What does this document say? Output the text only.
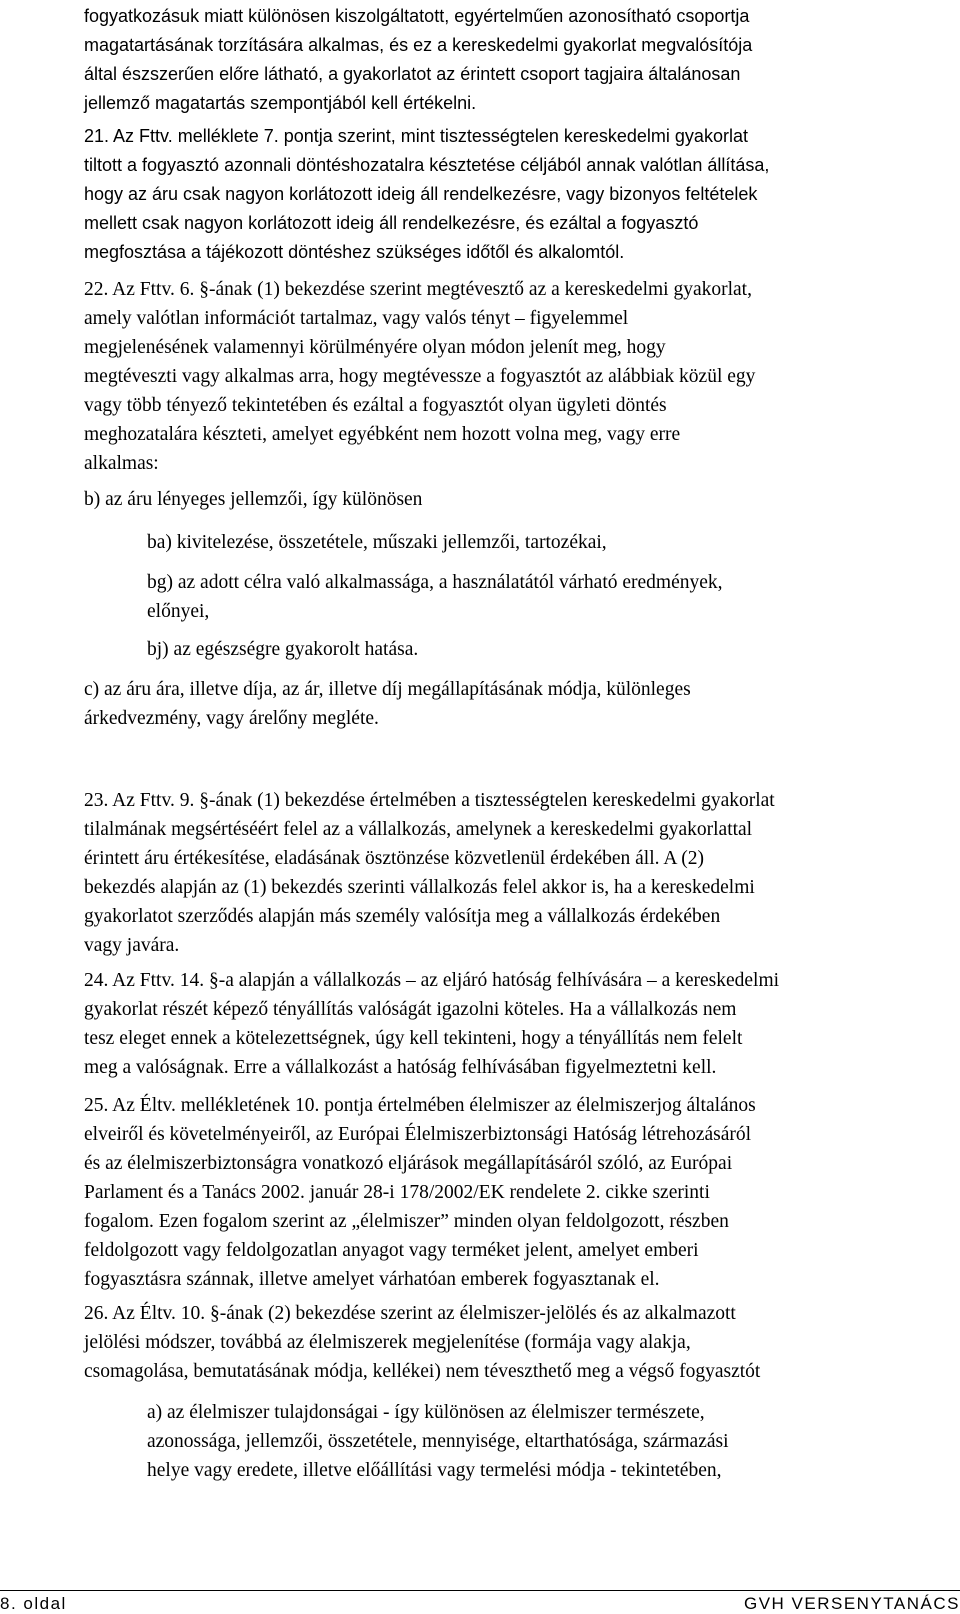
fogyatkozásuk miatt különösen kiszolgáltatott, egyértelműen azonosítható csoportja
magatartásának torzítására alkalmas, és ez a kereskedelmi gyakorlat megvalósítója
által észszerűen előre látható, a gyakorlatot az érintett csoport tagjaira általánosan
jellemző magatartás szempontjából kell értékelni.
21. Az Fttv. melléklete 7. pontja szerint, mint tisztességtelen kereskedelmi gyakorlat
tiltott a fogyasztó azonnali döntéshozatalra késztetése céljából annak valótlan állítása,
hogy az áru csak nagyon korlátozott ideig áll rendelkezésre, vagy bizonyos feltételek
mellett csak nagyon korlátozott ideig áll rendelkezésre, és ezáltal a fogyasztó
megfosztása a tájékozott döntéshez szükséges időtől és alkalomtól.
22. Az Fttv. 6. §-ának (1) bekezdése szerint megtévesztő az a kereskedelmi gyakorlat,
amely valótlan információt tartalmaz, vagy valós tényt – figyelemmel
megjelenésének valamennyi körülményére olyan módon jelenít meg, hogy
megtéveszti vagy alkalmas arra, hogy megtévessze a fogyasztót az alábbiak közül egy
vagy több tényező tekintetében és ezáltal a fogyasztót olyan ügyleti döntés
meghozatalára készteti, amelyet egyébként nem hozott volna meg, vagy erre
alkalmas:
b) az áru lényeges jellemzői, így különösen
ba) kivitelezése, összetétele, műszaki jellemzői, tartozékai,
bg) az adott célra való alkalmassága, a használatától várható eredmények,
előnyei,
bj) az egészségre gyakorolt hatása.
c) az áru ára, illetve díja, az ár, illetve díj megállapításának módja, különleges
árkedvezmény, vagy árelőny megléte.
23. Az Fttv. 9. §-ának (1) bekezdése értelmében a tisztességtelen kereskedelmi gyakorlat
tilalmának megsértéséért felel az a vállalkozás, amelynek a kereskedelmi gyakorlattal
érintett áru értékesítése, eladásának ösztönzése közvetlenül érdekében áll. A (2)
bekezdés alapján az (1) bekezdés szerinti vállalkozás felel akkor is, ha a kereskedelmi
gyakorlatot szerződés alapján más személy valósítja meg a vállalkozás érdekében
vagy javára.
24. Az Fttv. 14. §-a alapján a vállalkozás – az eljáró hatóság felhívására – a kereskedelmi
gyakorlat részét képező tényállítás valóságát igazolni köteles. Ha a vállalkozás nem
tesz eleget ennek a kötelezettségnek, úgy kell tekinteni, hogy a tényállítás nem felelt
meg a valóságnak. Erre a vállalkozást a hatóság felhívásában figyelmeztetni kell.
25. Az Éltv. mellékletének 10. pontja értelmében élelmiszer az élelmiszerjog általános
elveiről és követelményeiről, az Európai Élelmiszerbiztonsági Hatóság létrehozásáról
és az élelmiszerbiztonságra vonatkozó eljárások megállapításáról szóló, az Európai
Parlament és a Tanács 2002. január 28-i 178/2002/EK rendelete 2. cikke szerinti
fogalom. Ezen fogalom szerint az „élelmiszer” minden olyan feldolgozott, részben
feldolgozott vagy feldolgozatlan anyagot vagy terméket jelent, amelyet emberi
fogyasztásra szánnak, illetve amelyet várhatóan emberek fogyasztanak el.
26. Az Éltv. 10. §-ának (2) bekezdése szerint az élelmiszer-jelölés és az alkalmazott
jelölési módszer, továbbá az élelmiszerek megjelenítése (formája vagy alakja,
csomagolása, bemutatásának módja, kellékei) nem téveszthető meg a végső fogyasztót
a) az élelmiszer tulajdonságai - így különösen az élelmiszer természete,
azonossága, jellemzői, összetétele, mennyisége, eltarthatósága, származási
helye vagy eredete, illetve előállítási vagy termelési módja - tekintetében,
8. oldal	GVH VERSENYTANÁCS
